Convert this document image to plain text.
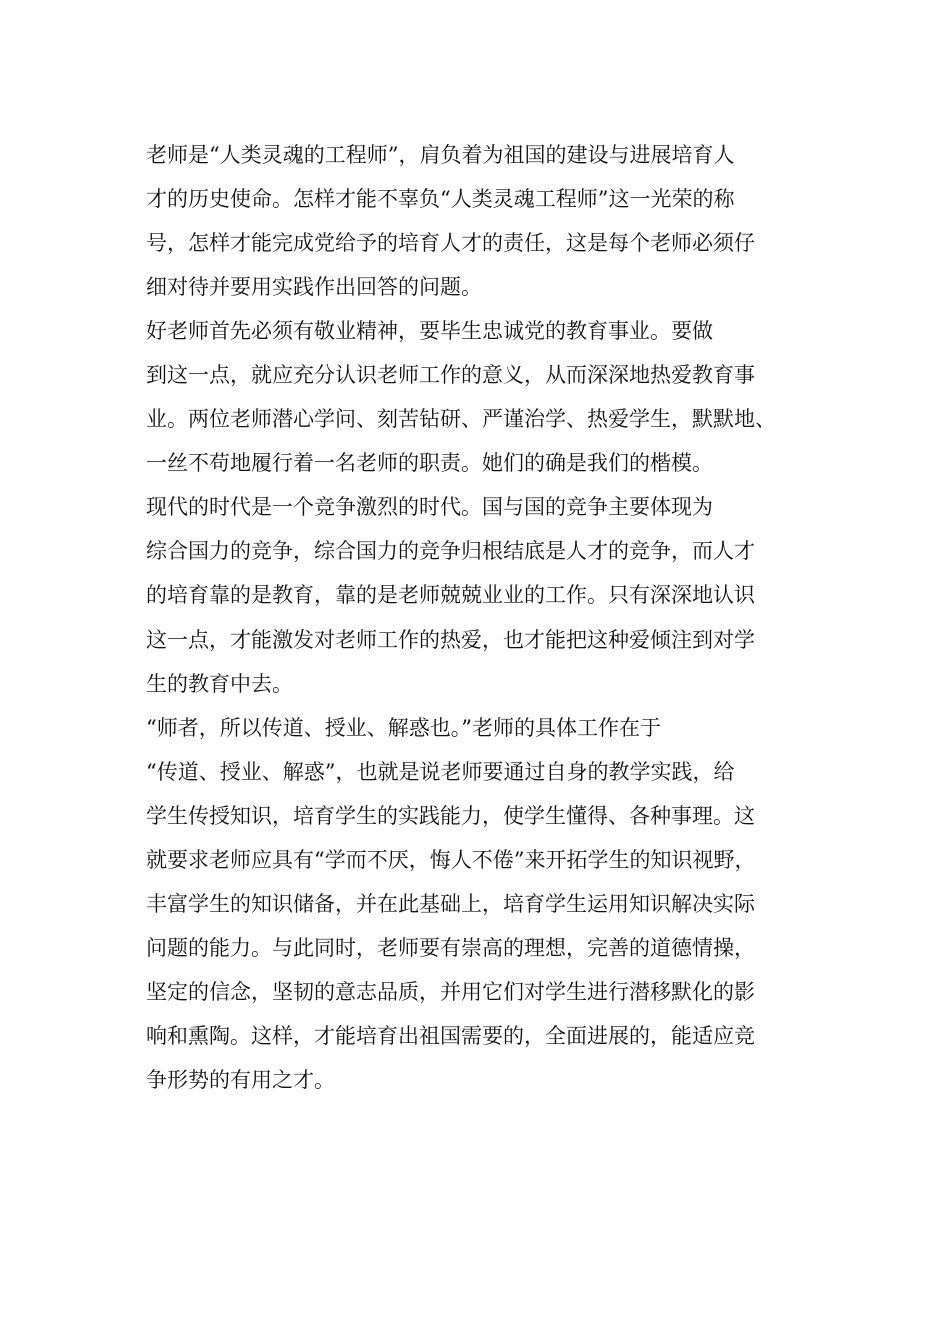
老师是“人类灵魂的工程师”，肩负着为祖国的建设与进展培育人
才的历史使命。怎样才能不辜负“人类灵魂工程师”这一光荣的称
号，怎样才能完成党给予的培育人才的责任，这是每个老师必须仔
细对待并要用实践作出回答的问题。
好老师首先必须有敬业精神，要毕生忠诚党的教育事业。要做
到这一点，就应充分认识老师工作的意义，从而深深地热爱教育事
业。两位老师潜心学问、刻苦钻研、严谨治学、热爱学生，默默地、
一丝不苟地履行着一名老师的职责。她们的确是我们的楷模。
现代的时代是一个竞争激烈的时代。国与国的竞争主要体现为
综合国力的竞争，综合国力的竞争归根结底是人才的竞争，而人才
的培育靠的是教育，靠的是老师兢兢业业的工作。只有深深地认识
这一点，才能激发对老师工作的热爱，也才能把这种爱倾注到对学
生的教育中去。
“师者，所以传道、授业、解惑也。”老师的具体工作在于
“传道、授业、解惑”，也就是说老师要通过自身的教学实践，给
学生传授知识，培育学生的实践能力，使学生懂得、各种事理。这
就要求老师应具有“学而不厌，悔人不倦”来开拓学生的知识视野，
丰富学生的知识储备，并在此基础上，培育学生运用知识解决实际
问题的能力。与此同时，老师要有崇高的理想，完善的道德情操，
坚定的信念，坚韧的意志品质，并用它们对学生进行潜移默化的影
响和熏陶。这样，才能培育出祖国需要的，全面进展的，能适应竞
争形势的有用之才。
